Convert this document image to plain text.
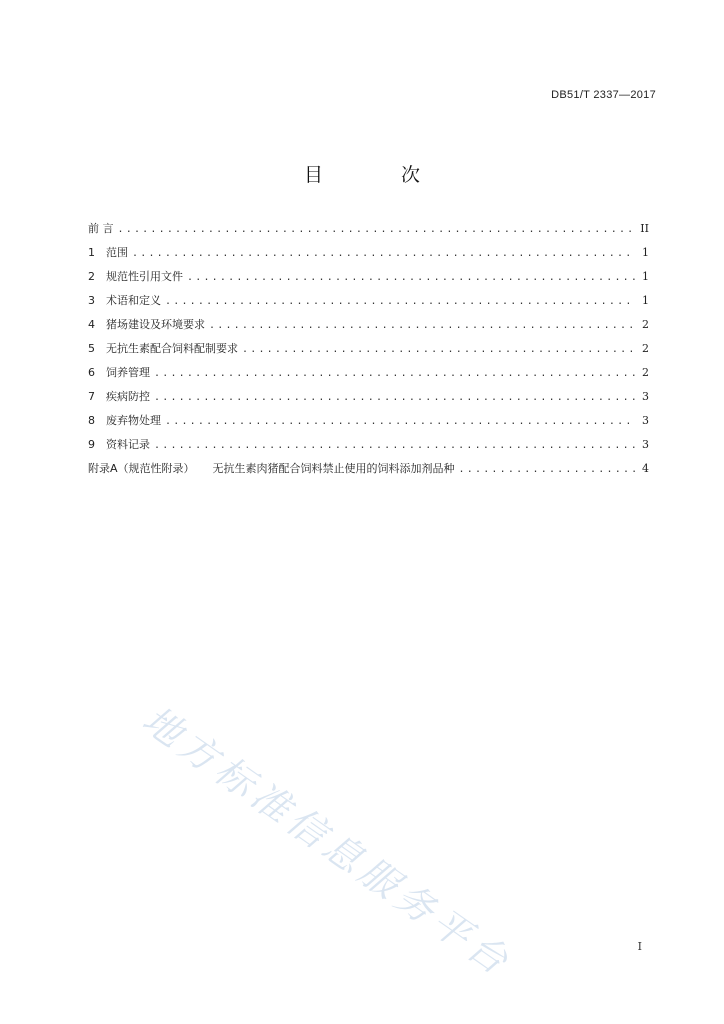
DB51/T 2337—2017
目 次
前 言 .....	II
1	范围 .....	1
2	规范性引用文件 .....	1
3	术语和定义 .....	1
4	猪场建设及环境要求 .....	2
5	无抗生素配合饲料配制要求 .....	2
6	饲养管理 .....	2
7	疾病防控 .....	3
8	废弃物处理 .....	3
9	资料记录 .....	3
附录A（规范性附录） 无抗生素肉猪配合饲料禁止使用的饲料添加剂品种 .....	4
地方标准信息服务平台	I
